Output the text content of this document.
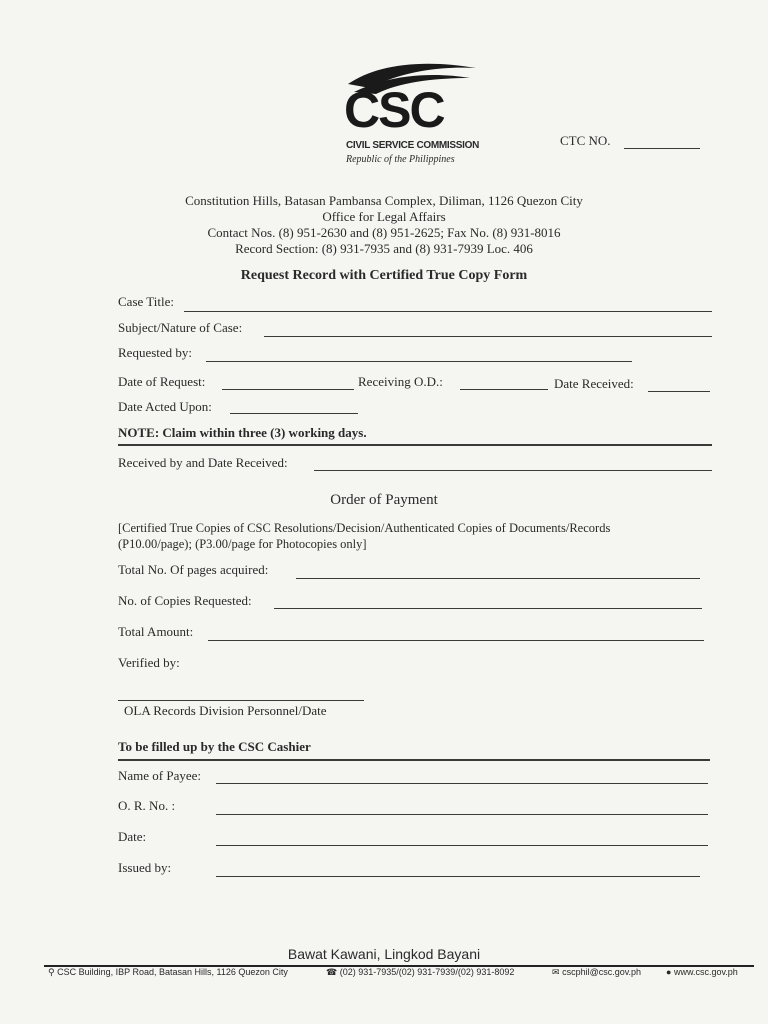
CSC
CIVIL SERVICE COMMISSION
Republic of the Philippines
CTC NO.
Constitution Hills, Batasan Pambansa Complex, Diliman, 1126 Quezon City
Office for Legal Affairs
Contact Nos. (8) 951-2630 and (8) 951-2625; Fax No. (8) 931-8016
Record Section: (8) 931-7935 and (8) 931-7939 Loc. 406
Request Record with Certified True Copy Form
Case Title:
Subject/Nature of Case:
Requested by:
Date of Request:	Receiving O.D.:	Date Received:
Date Acted Upon:
NOTE: Claim within three (3) working days.
Received by and Date Received:
Order of Payment
[Certified True Copies of CSC Resolutions/Decision/Authenticated Copies of Documents/Records
(P10.00/page); (P3.00/page for Photocopies only]
Total No. Of pages acquired:
No. of Copies Requested:
Total Amount:
Verified by:
OLA Records Division Personnel/Date
To be filled up by the CSC Cashier
Name of Payee:
O. R. No. :
Date:
Issued by:
Bawat Kawani, Lingkod Bayani
⚲ CSC Building, IBP Road, Batasan Hills, 1126 Quezon City	☎ (02) 931-7935/(02) 931-7939/(02) 931-8092	✉ cscphil@csc.gov.ph	● www.csc.gov.ph
